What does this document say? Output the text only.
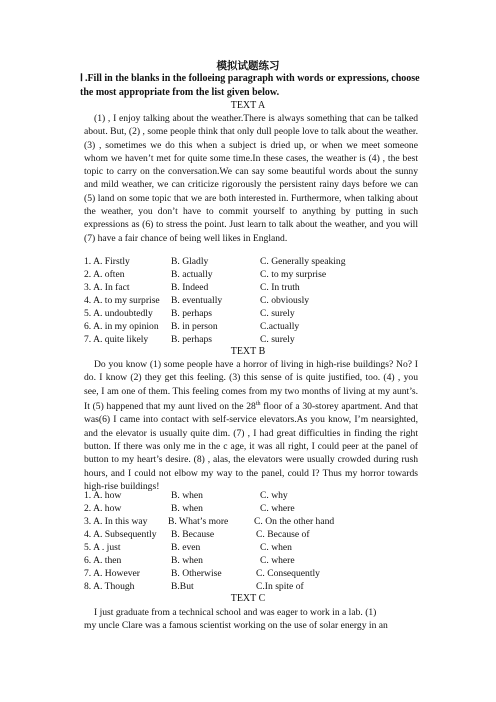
模拟试题练习
Ⅰ .Fill in the blanks in the folloeing paragraph with words or expressions, choose the most appropriate from the list given below.
TEXT A
(1) , I enjoy talking about the weather.There is always something that can be talked about. But, (2) , some people think that only dull people love to talk about the weather. (3) , sometimes we do this when a subject is dried up, or when we meet someone whom we haven’t met for quite some time.In these cases, the weather is (4) , the best topic to carry on the conversation.We can say some beautiful words about the sunny and mild weather, we can criticize rigorously the persistent rainy days before we can (5) land on some topic that we are both interested in. Furthermore, when talking about the weather, you don’t have to commit yourself to anything by putting in such expressions as (6) to stress the point. Just learn to talk about the weather, and you will (7) have a fair chance of being well likes in England.
1. A. Firstly	B. Gladly	C. Generally speaking
2. A. often	B. actually	C. to my surprise
3. A. In fact	B. Indeed	C. In truth
4. A. to my surprise B. eventually	C. obviously
5. A. undoubtedly B. perhaps	C. surely
6. A. in my opinion B. in person	C.actually
7. A. quite likely B. perhaps	C. surely
TEXT B
Do you know (1) some people have a horror of living in high-rise buildings? No? I do. I know (2) they get this feeling. (3) this sense of is quite justified, too. (4) , you see, I am one of them. This feeling comes from my two months of living at my aunt’s. It (5) happened that my aunt lived on the 28th floor of a 30-storey apartment. And that was(6) I came into contact with self-service elevators.As you know, I’m nearsighted, and the elevator is usually quite dim. (7) , I had great difficulties in finding the right button. If there was only me in the c age, it was all right, I could peer at the panel of button to my heart’s desire. (8) , alas, the elevators were usually crowded during rush hours, and I could not elbow my way to the panel, could I? Thus my horror towards high-rise buildings!
1. A. how	B. when	C. why
2. A. how	B. when	C. where
3. A. In this way B. What’s more	C. On the other hand
4. A. Subsequently B. Because	C. Because of
5. A . just	B. even	C. when
6. A. then	B. when	C. where
7. A. However	B. Otherwise	C. Consequently
8. A. Though	B.But	C.In spite of
TEXT C
I just graduate from a technical school and was eager to work in a lab. (1)
my uncle Clare was a famous scientist working on the use of solar energy in an
